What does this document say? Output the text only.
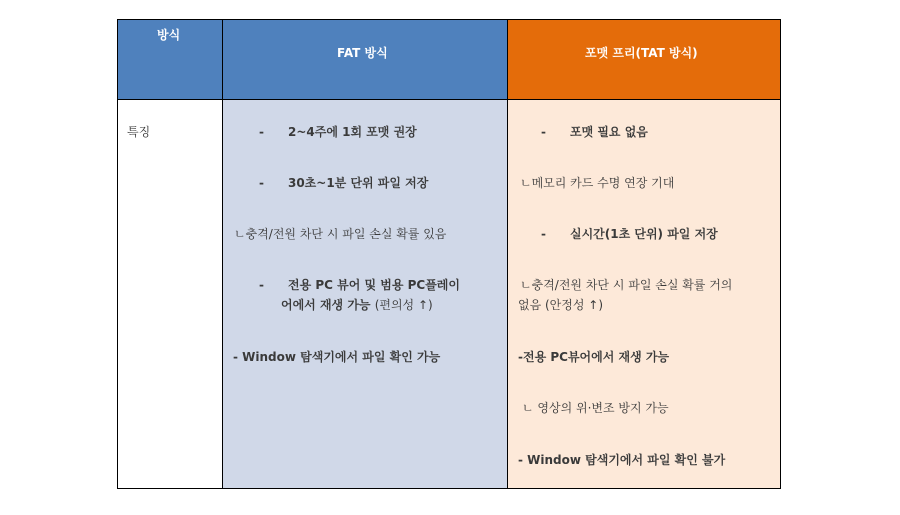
방식
FAT 방식	포맷 프리(TAT 방식)
특징	-　　2~4주에 1회 포맷 권장
-　　30초~1분 단위 파일 저장
ㄴ충격/전원 차단 시 파일 손실 확률 있음
-　　전용 PC 뷰어 및 범용 PC플레이
어에서 재생 가능 (편의성 ↑)
- Window 탐색기에서 파일 확인 가능
-　　포맷 필요 없음
ㄴ메모리 카드 수명 연장 기대
-　　실시간(1초 단위) 파일 저장
ㄴ충격/전원 차단 시 파일 손실 확률 거의
없음 (안정성 ↑)
-전용 PC뷰어에서 재생 가능
ㄴ 영상의 위·변조 방지 가능
- Window 탐색기에서 파일 확인 불가
